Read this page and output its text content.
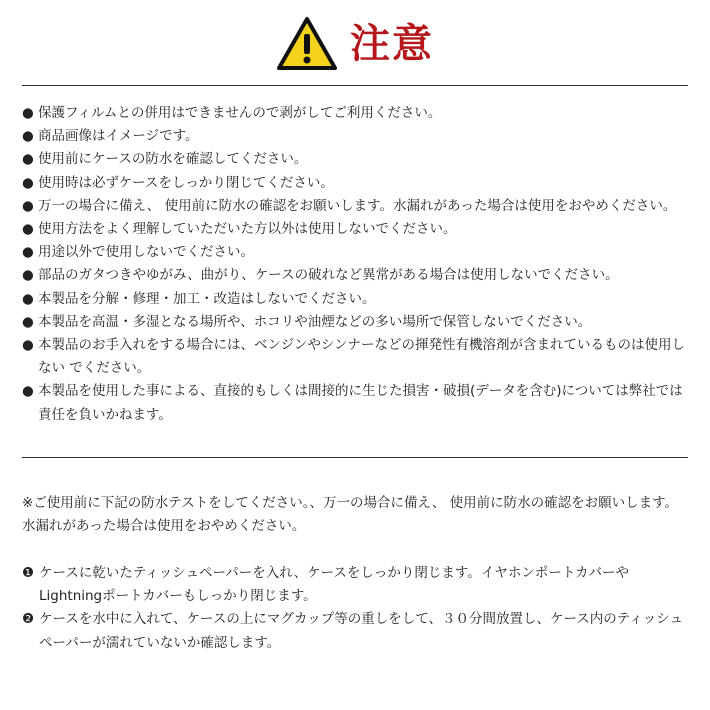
注意
● 保護フィルムとの併用はできませんので剥がしてご利用ください。
● 商品画像はイメージです。
● 使用前にケースの防水を確認してください。
● 使用時は必ずケースをしっかり閉じてください。
● 万一の場合に備え、 使用前に防水の確認をお願いします。水漏れがあった場合は使用をおやめください。
● 使用方法をよく理解していただいた方以外は使用しないでください。
● 用途以外で使用しないでください。
● 部品のガタつきやゆがみ、曲がり、ケースの破れなど異常がある場合は使用しないでください。
● 本製品を分解・修理・加工・改造はしないでください。
● 本製品を高温・多湿となる場所や、ホコリや油煙などの多い場所で保管しないでください。
● 本製品のお手入れをする場合には、ベンジンやシンナーなどの揮発性有機溶剤が含まれているものは使用しない でください。
● 本製品を使用した事による、直接的もしくは間接的に生じた損害・破損(データを含む)については弊社では責任を負いかねます。
※ご使用前に下記の防水テストをしてください。、万一の場合に備え、 使用前に防水の確認をお願いします。水漏れがあった場合は使用をおやめください。
❶ ケースに乾いたティッシュペーパーを入れ、ケースをしっかり閉じます。イヤホンポートカバーやLightningポートカバーもしっかり閉じます。
❷ ケースを水中に入れて、ケースの上にマグカップ等の重しをして、３０分間放置し、ケース内のティッシュペーパーが濡れていないか確認します。
